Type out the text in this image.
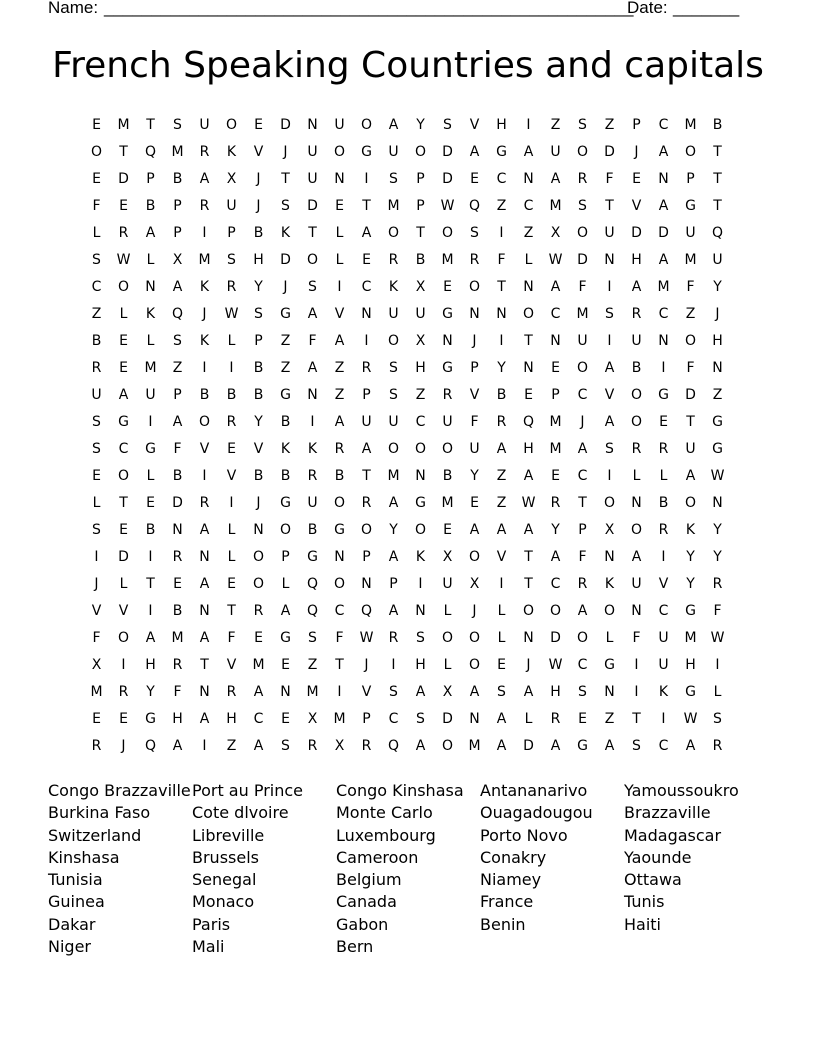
Name: ________________________________________________________
Date: _______
French Speaking Countries and capitals
E	M	T	S	U	O	E	D	N	U	O	A	Y	S	V	H	I	Z	S	Z	P	C	M	B
O	T	Q	M	R	K	V	J	U	O	G	U	O	D	A	G	A	U	O	D	J	A	O	T
E	D	P	B	A	X	J	T	U	N	I	S	P	D	E	C	N	A	R	F	E	N	P	T
F	E	B	P	R	U	J	S	D	E	T	M	P	W	Q	Z	C	M	S	T	V	A	G	T
L	R	A	P	I	P	B	K	T	L	A	O	T	O	S	I	Z	X	O	U	D	D	U	Q
S	W	L	X	M	S	H	D	O	L	E	R	B	M	R	F	L	W	D	N	H	A	M	U
C	O	N	A	K	R	Y	J	S	I	C	K	X	E	O	T	N	A	F	I	A	M	F	Y
Z	L	K	Q	J	W	S	G	A	V	N	U	U	G	N	N	O	C	M	S	R	C	Z	J
B	E	L	S	K	L	P	Z	F	A	I	O	X	N	J	I	T	N	U	I	U	N	O	H
R	E	M	Z	I	I	B	Z	A	Z	R	S	H	G	P	Y	N	E	O	A	B	I	F	N
U	A	U	P	B	B	B	G	N	Z	P	S	Z	R	V	B	E	P	C	V	O	G	D	Z
S	G	I	A	O	R	Y	B	I	A	U	U	C	U	F	R	Q	M	J	A	O	E	T	G
S	C	G	F	V	E	V	K	K	R	A	O	O	O	U	A	H	M	A	S	R	R	U	G
E	O	L	B	I	V	B	B	R	B	T	M	N	B	Y	Z	A	E	C	I	L	L	A	W
L	T	E	D	R	I	J	G	U	O	R	A	G	M	E	Z	W	R	T	O	N	B	O	N
S	E	B	N	A	L	N	O	B	G	O	Y	O	E	A	A	A	Y	P	X	O	R	K	Y
I	D	I	R	N	L	O	P	G	N	P	A	K	X	O	V	T	A	F	N	A	I	Y	Y
J	L	T	E	A	E	O	L	Q	O	N	P	I	U	X	I	T	C	R	K	U	V	Y	R
V	V	I	B	N	T	R	A	Q	C	Q	A	N	L	J	L	O	O	A	O	N	C	G	F
F	O	A	M	A	F	E	G	S	F	W	R	S	O	O	L	N	D	O	L	F	U	M	W
X	I	H	R	T	V	M	E	Z	T	J	I	H	L	O	E	J	W	C	G	I	U	H	I
M	R	Y	F	N	R	A	N	M	I	V	S	A	X	A	S	A	H	S	N	I	K	G	L
E	E	G	H	A	H	C	E	X	M	P	C	S	D	N	A	L	R	E	Z	T	I	W	S
R	J	Q	A	I	Z	A	S	R	X	R	Q	A	O	M	A	D	A	G	A	S	C	A	R
Congo Brazzaville
Burkina Faso
Switzerland
Kinshasa
Tunisia
Guinea
Dakar
Niger
Port au Prince
Cote dlvoire
Libreville
Brussels
Senegal
Monaco
Paris
Mali
Congo Kinshasa
Monte Carlo
Luxembourg
Cameroon
Belgium
Canada
Gabon
Bern
Antananarivo
Ouagadougou
Porto Novo
Conakry
Niamey
France
Benin
Yamoussoukro
Brazzaville
Madagascar
Yaounde
Ottawa
Tunis
Haiti
